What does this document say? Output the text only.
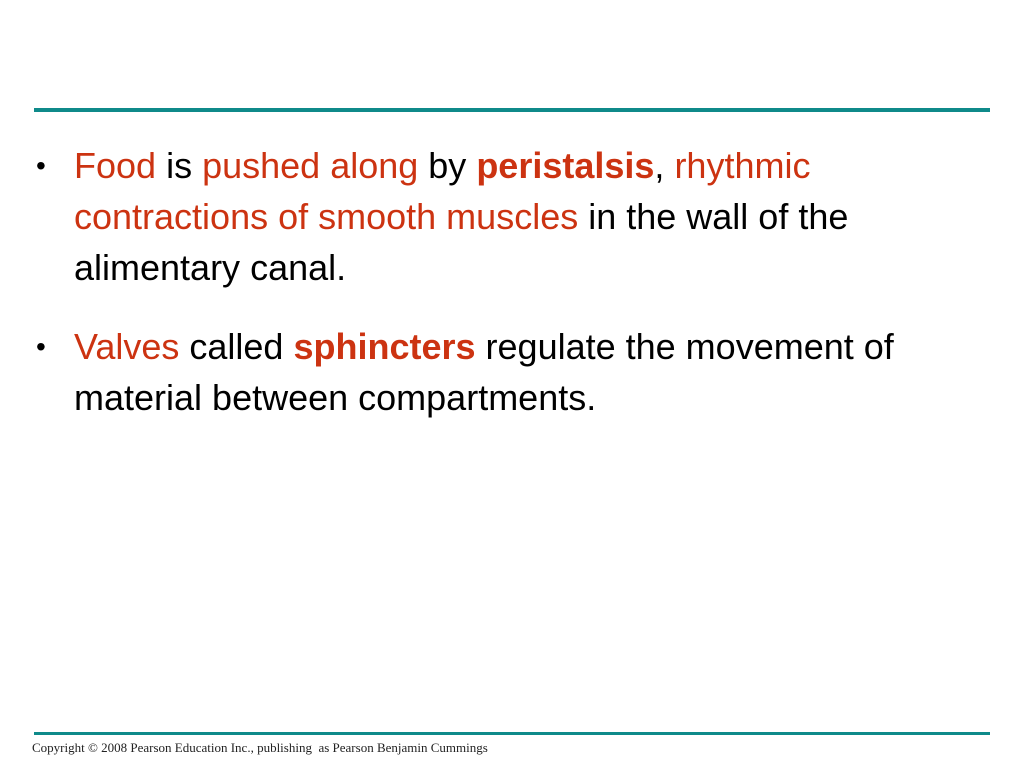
• Food is pushed along by peristalsis, rhythmic contractions of smooth muscles in the wall of the alimentary canal.
• Valves called sphincters regulate the movement of material between compartments.
Copyright © 2008 Pearson Education Inc., publishing  as Pearson Benjamin Cummings
